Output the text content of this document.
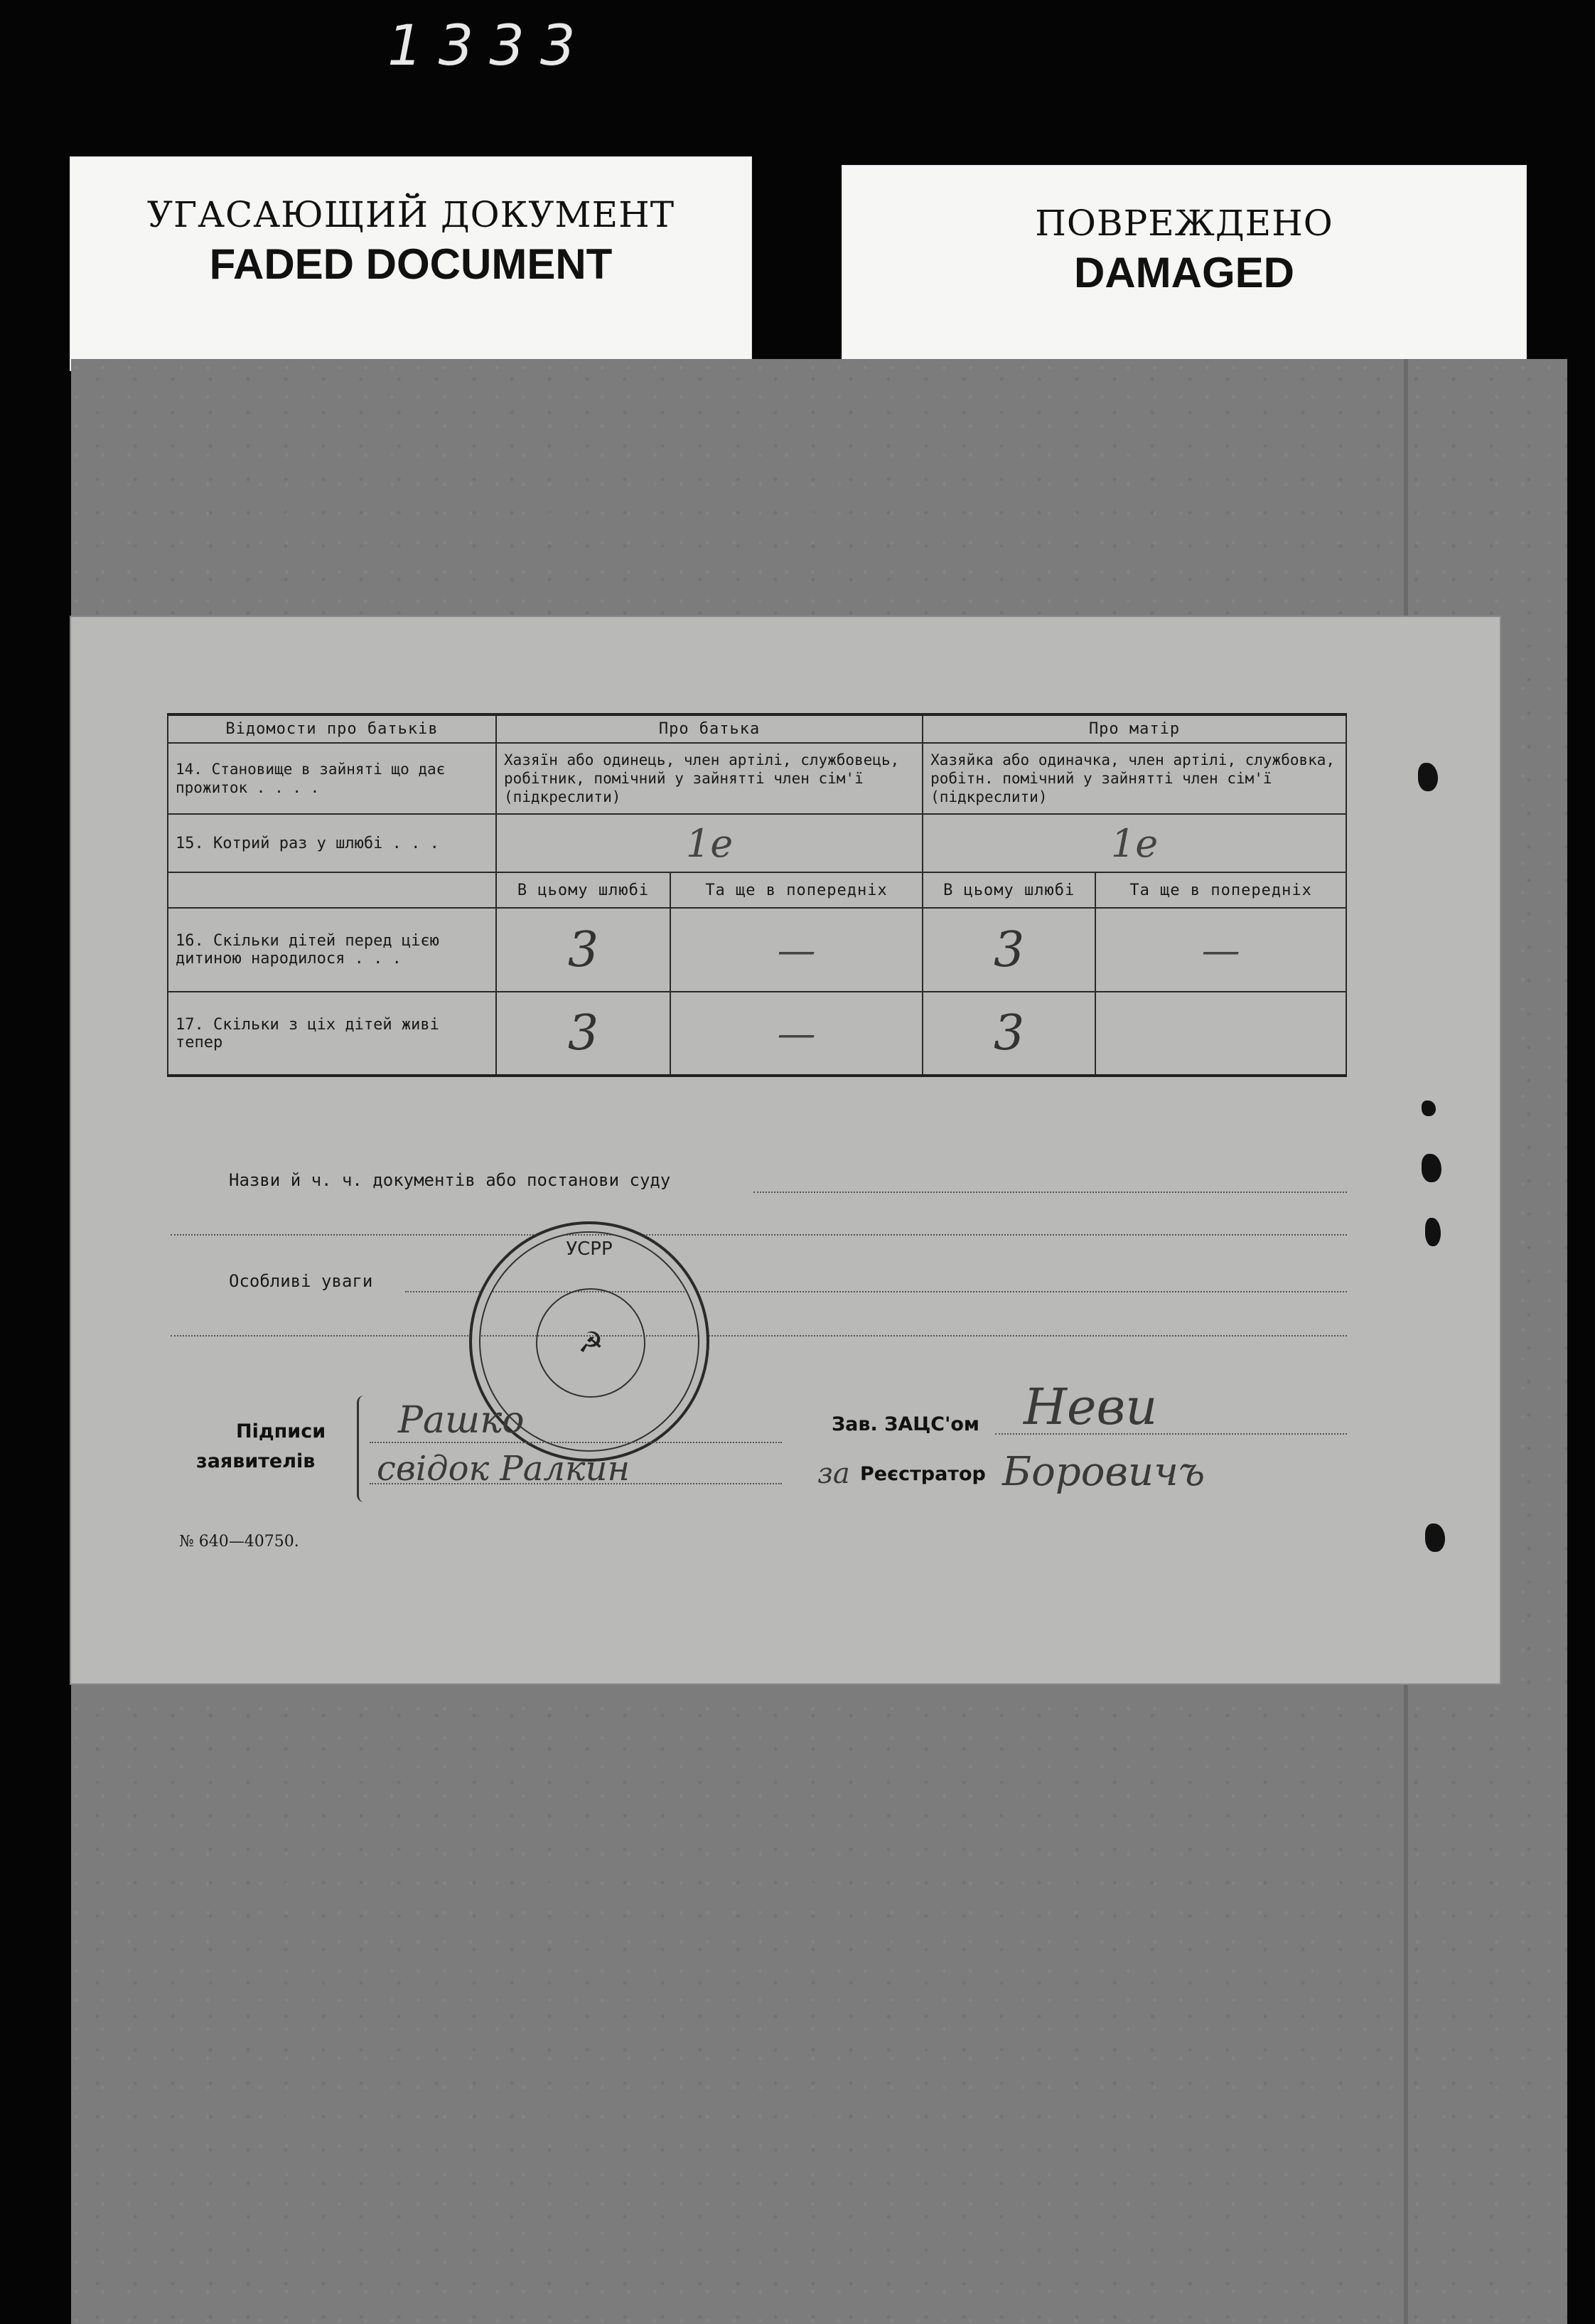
1333
УГАСАЮЩИЙ ДОКУМЕНТ
FADED DOCUMENT
ПОВРЕЖДЕНО
DAMAGED
Відомости про батьків	Про батька		Про матір	
14. Становище в зайняті що дає прожиток . . . .	Хазяїн або одинець, член артілі, службовець, робітник, помічний у зайнятті член сім'ї (підкреслити)		Хазяйка або одиначка, член артілі, службовка, робітн. помічний у зайнятті член сім'ї (підкреслити)	
15. Котрий раз у шлюбі . . .	1е		1е	
	В цьому шлюбі	Та ще в попередніх	В цьому шлюбі	Та ще в попередніх
16. Скільки дітей перед цією дитиною народилося . . .	3	—	3	—
17. Скільки з ціх дітей живі тепер	3	—	3	
Назви й ч. ч. документів або постанови суду
Особливі уваги
УСРР
☭
Підписи
заявителів
Рашко
свідок Ралкин
Зав. ЗАЦС'ом Неви
за Реєстратор Боровичъ
№ 640—40750.
